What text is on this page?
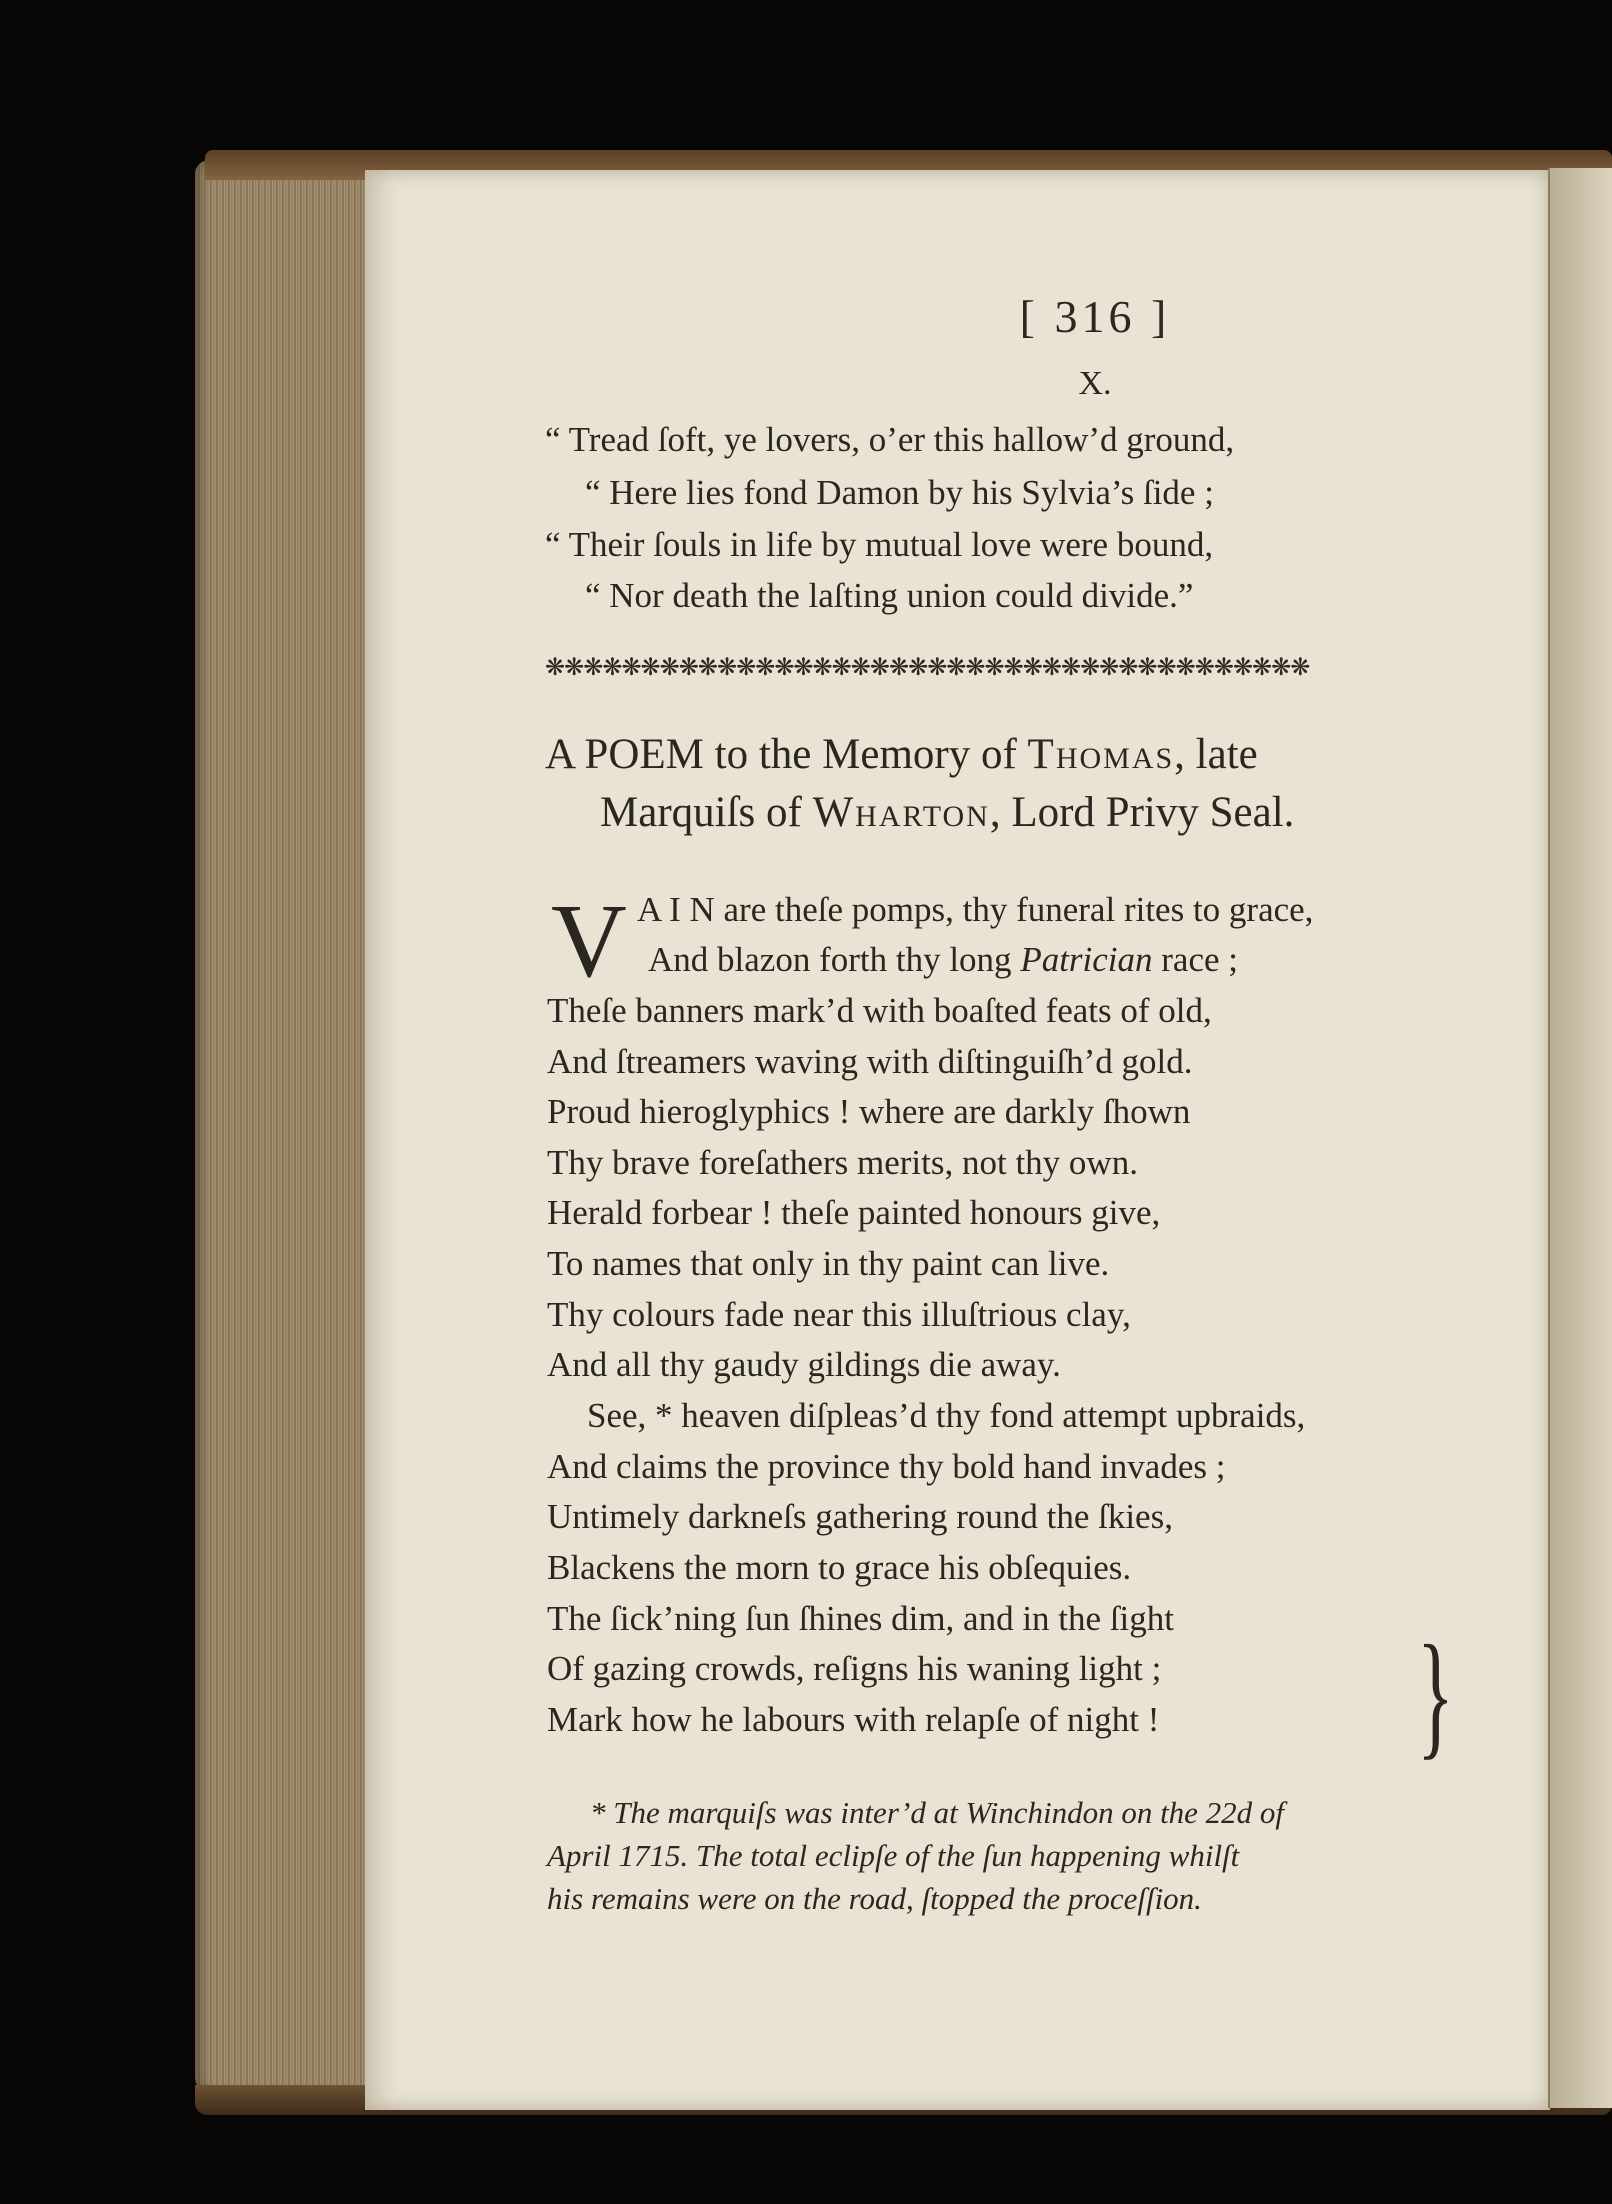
[ 316 ]
X.
“ Tread ſoft, ye lovers, o’er this hallow’d ground,
“ Here lies fond Damon by his Sylvia’s ſide ;
“ Their ſouls in life by mutual love were bound,
“ Nor death the laſting union could divide.”
❋❋❋❋❋❋❋❋❋❋❋❋❋❋❋❋❋❋❋❋❋❋❋❋❋❋❋❋❋❋❋❋❋❋❋❋❋❋❋❋
A POEM to the Memory of Thomas, late
Marquiſs of Wharton, Lord Privy Seal.
V A I N are theſe pomps, thy funeral rites to grace,
And blazon forth thy long Patrician race ;
Theſe banners mark’d with boaſted feats of old,
And ſtreamers waving with diſtinguiſh’d gold.
Proud hieroglyphics ! where are darkly ſhown
Thy brave foreſathers merits, not thy own.
Herald forbear ! theſe painted honours give,
To names that only in thy paint can live.
Thy colours fade near this illuſtrious clay,
And all thy gaudy gildings die away.
See, * heaven diſpleas’d thy fond attempt upbraids,
And claims the province thy bold hand invades ;
Untimely darkneſs gathering round the ſkies,
Blackens the morn to grace his obſequies.
The ſick’ning ſun ſhines dim, and in the ſight
Of gazing crowds, reſigns his waning light ;
Mark how he labours with relapſe of night ! }
* The marquiſs was inter’d at Winchindon on the 22d of
April 1715. The total eclipſe of the ſun happening whilſt
his remains were on the road, ſtopped the proceſſion.
